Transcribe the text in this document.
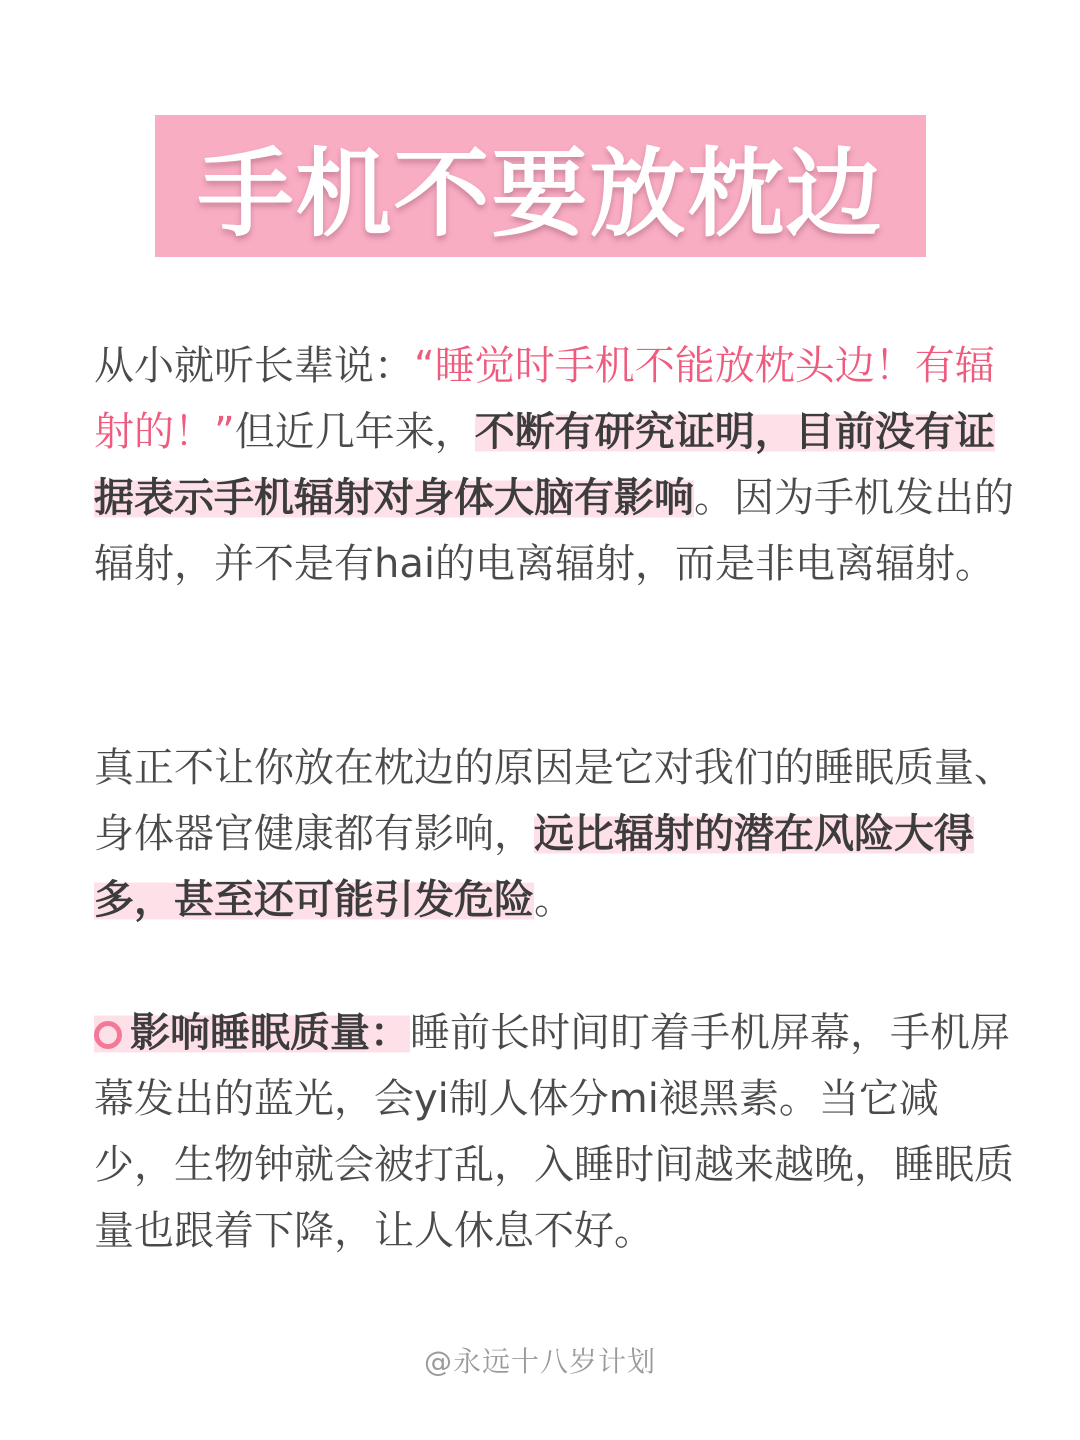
手机不要放枕边
从小就听长辈说：“睡觉时手机不能放枕头边！有辐射的！”但近几年来，不断有研究证明，目前没有证据表示手机辐射对身体大脑有影响。因为手机发出的辐射，并不是有hai的电离辐射，而是非电离辐射。
真正不让你放在枕边的原因是它对我们的睡眠质量、身体器官健康都有影响，远比辐射的潜在风险大得多，甚至还可能引发危险。
影响睡眠质量：睡前长时间盯着手机屏幕，手机屏幕发出的蓝光，会yi制人体分mi褪黑素。当它减少，生物钟就会被打乱，入睡时间越来越晚，睡眠质量也跟着下降，让人休息不好。
@永远十八岁计划
